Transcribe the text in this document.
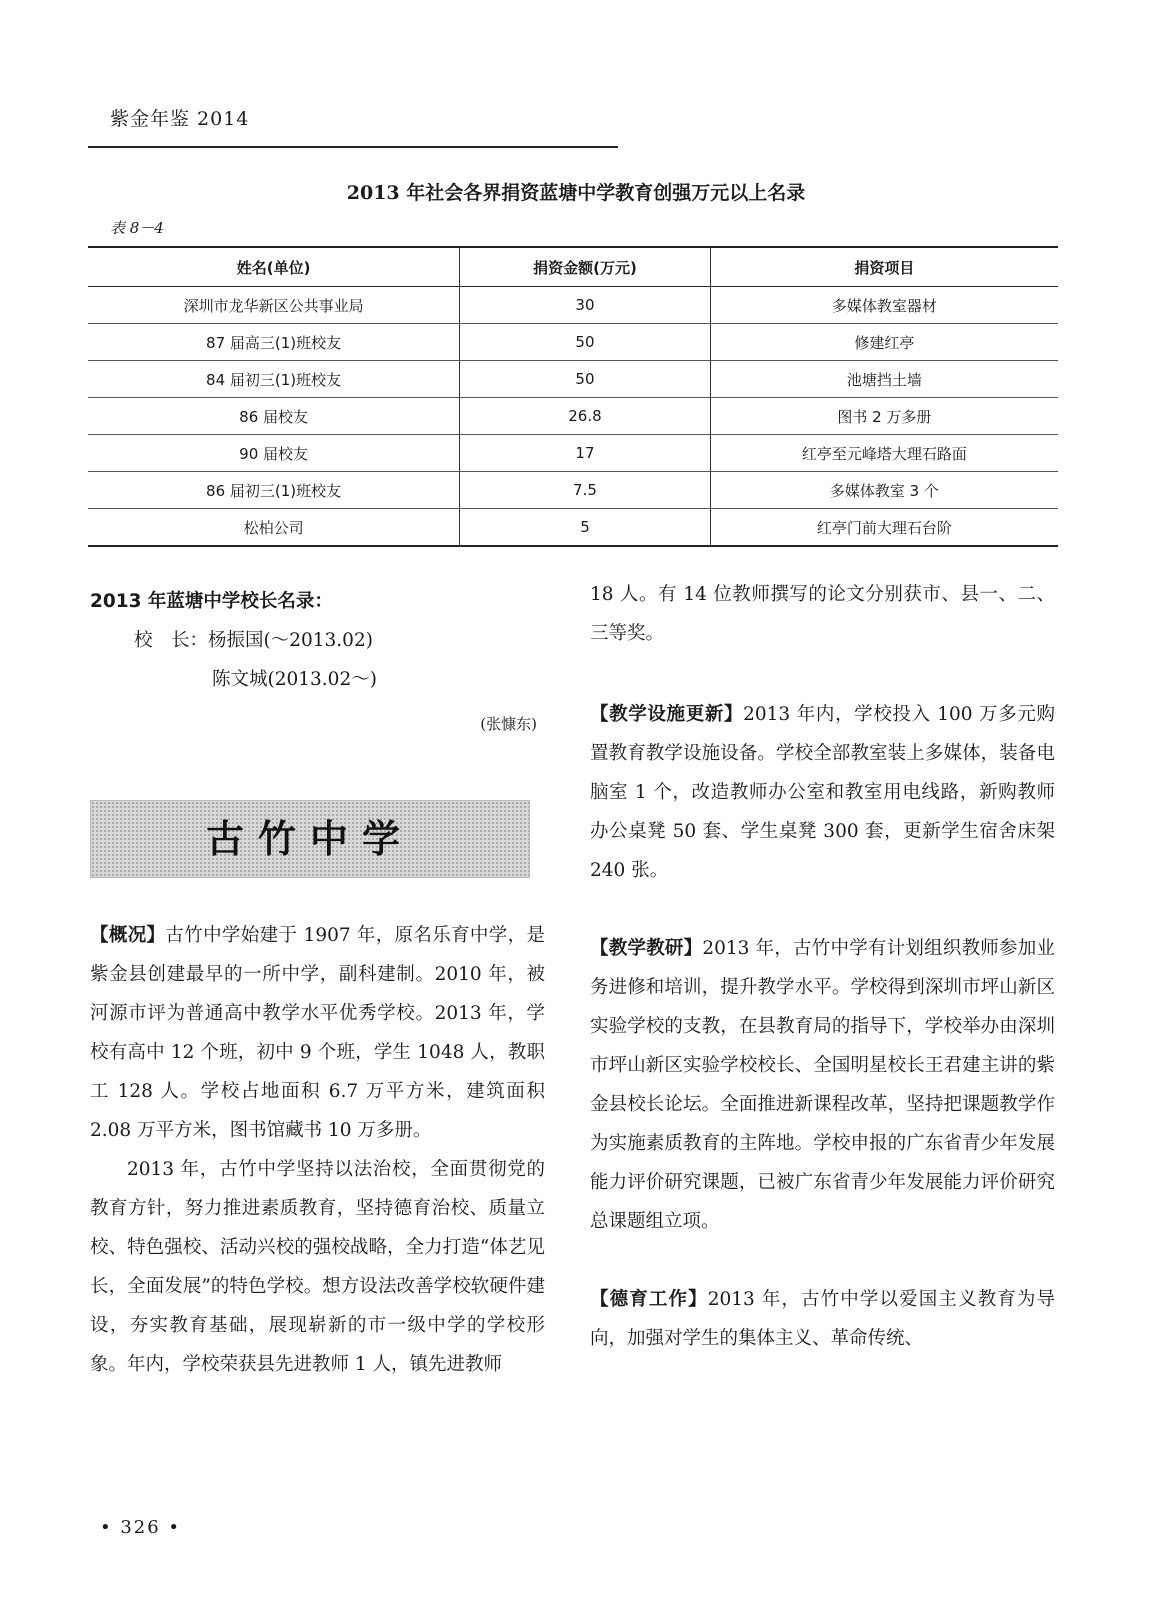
紫金年鉴 2014
2013 年社会各界捐资蓝塘中学教育创强万元以上名录
表 8－4
姓名(单位)	捐资金额(万元)	捐资项目
深圳市龙华新区公共事业局	30	多媒体教室器材
87 届高三(1)班校友	50	修建红亭
84 届初三(1)班校友	50	池塘挡土墙
86 届校友	26.8	图书 2 万多册
90 届校友	17	红亭至元峰塔大理石路面
86 届初三(1)班校友	7.5	多媒体教室 3 个
松柏公司	5	红亭门前大理石台阶
2013 年蓝塘中学校长名录：
校　长：杨振国(～2013.02)
陈文城(2013.02～)
(张慷东)
古竹中学

【概况】古竹中学始建于 1907 年，原名乐育中学，是紫金县创建最早的一所中学，副科建制。2010 年，被河源市评为普通高中教学水平优秀学校。2013 年，学校有高中 12 个班，初中 9 个班，学生 1048 人，教职工 128 人。学校占地面积 6.7 万平方米，建筑面积 2.08 万平方米，图书馆藏书 10 万多册。

2013 年，古竹中学坚持以法治校，全面贯彻党的教育方针，努力推进素质教育，坚持德育治校、质量立校、特色强校、活动兴校的强校战略，全力打造“体艺见长，全面发展”的特色学校。想方设法改善学校软硬件建设，夯实教育基础，展现崭新的市一级中学的学校形象。年内，学校荣获县先进教师 1 人，镇先进教师

18 人。有 14 位教师撰写的论文分别获市、县一、二、三等奖。

【教学设施更新】2013 年内，学校投入 100 万多元购置教育教学设施设备。学校全部教室装上多媒体，装备电脑室 1 个，改造教师办公室和教室用电线路，新购教师办公桌凳 50 套、学生桌凳 300 套，更新学生宿舍床架 240 张。

【教学教研】2013 年，古竹中学有计划组织教师参加业务进修和培训，提升教学水平。学校得到深圳市坪山新区实验学校的支教，在县教育局的指导下，学校举办由深圳市坪山新区实验学校校长、全国明星校长王君建主讲的紫金县校长论坛。全面推进新课程改革，坚持把课题教学作为实施素质教育的主阵地。学校申报的广东省青少年发展能力评价研究课题，已被广东省青少年发展能力评价研究总课题组立项。

【德育工作】2013 年，古竹中学以爱国主义教育为导向，加强对学生的集体主义、革命传统、

• 326 •
